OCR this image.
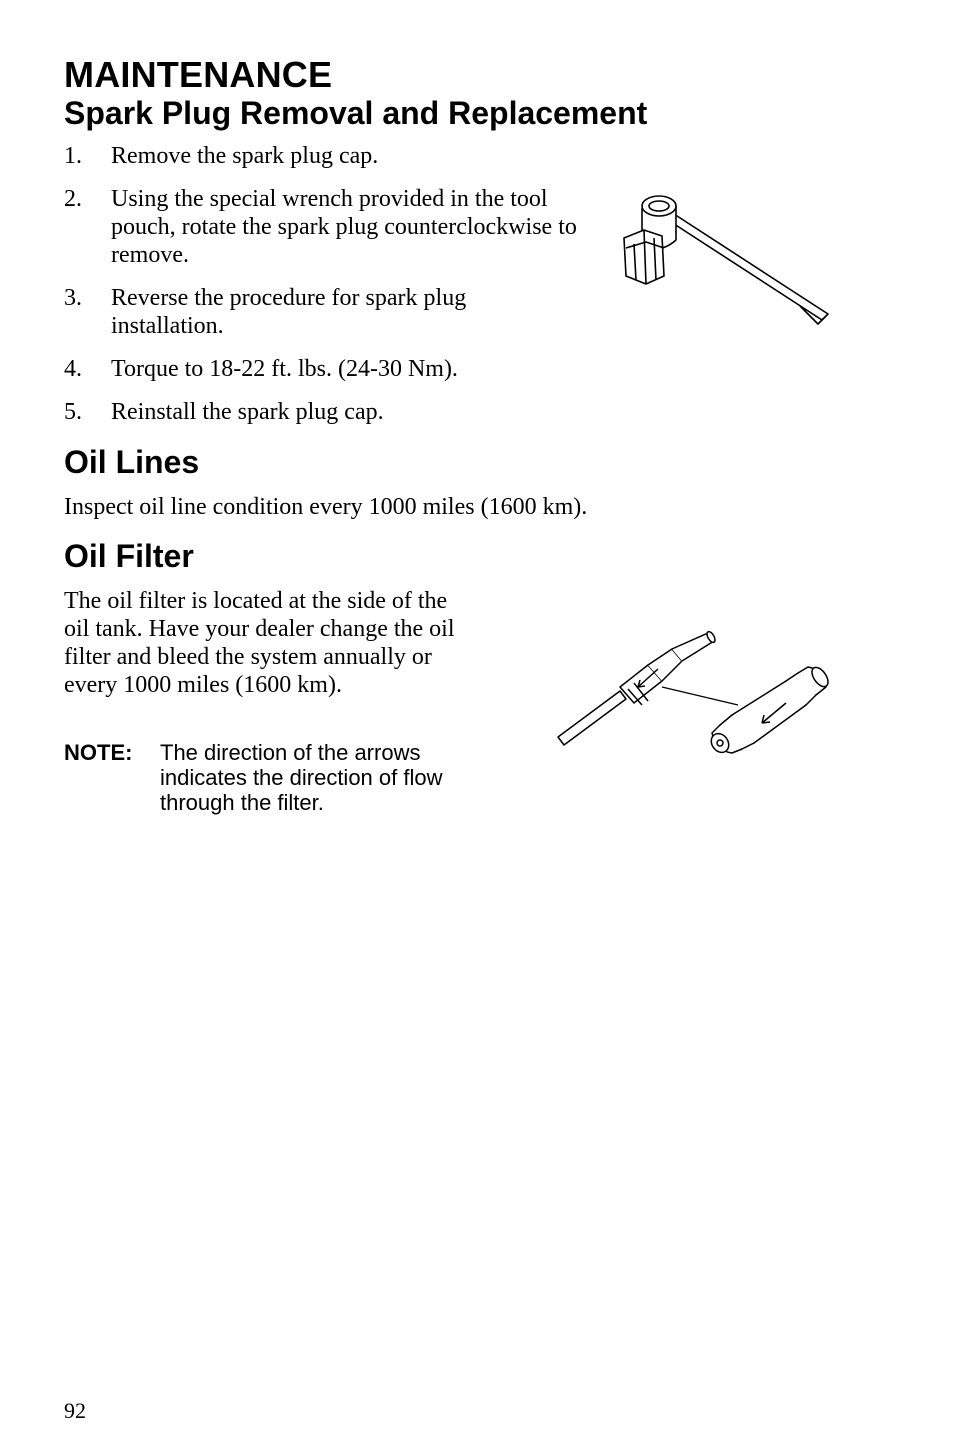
MAINTENANCE
Spark Plug Removal and Replacement
1. Remove the spark plug cap.
2. Using the special wrench provided in the tool pouch, rotate the spark plug counterclockwise to remove.
3. Reverse the procedure for spark plug installation.
4. Torque to 18-22 ft. lbs. (24-30 Nm).
5. Reinstall the spark plug cap.
Oil Lines
Inspect oil line condition every 1000 miles (1600 km).
Oil Filter
The oil filter is located at the side of the oil tank. Have your dealer change the oil filter and bleed the system annually or every 1000 miles (1600 km).
NOTE: The direction of the arrows indicates the direction of flow through the filter.
92
